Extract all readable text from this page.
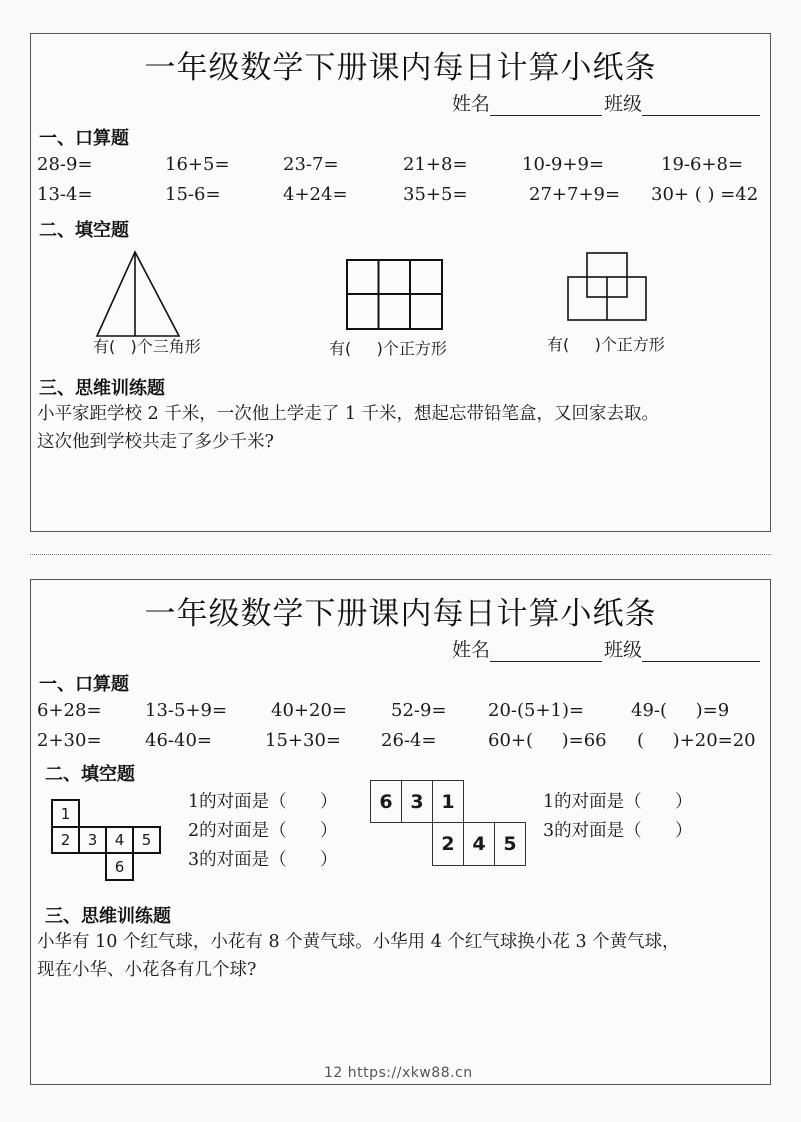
一年级数学下册课内每日计算小纸条
姓名	班级
一、口算题
28-9=	16+5=	23-7=	21+8=	10-9+9=	19-6+8=
13-4=	15-6=	4+24=	35+5=	27+7+9= 30+ ( ) =42
二、填空题
有(   )个三角形	有(     )个正方形	有(     )个正方形
三、思维训练题
小平家距学校 2 千米，一次他上学走了 1 千米，想起忘带铅笔盒，又回家去取。
这次他到学校共走了多少千米?
一年级数学下册课内每日计算小纸条
姓名	班级
一、口算题
6+28= 13-5+9= 40+20= 52-9= 20-(5+1)=	49-(     )=9
2+30= 46-40=	15+30= 26-4=	60+(     )=66 (     )+20=20
二、填空题
1
2	3	4	5
6
1的对面是（      ）
2的对面是（      ）
3的对面是（      ）
6 3 1
2 4 5
1的对面是（      ）
3的对面是（      ）
三、思维训练题
小华有 10 个红气球，小花有 8 个黄气球。小华用 4 个红气球换小花 3 个黄气球，
现在小华、小花各有几个球?
12 https://xkw88.cn
